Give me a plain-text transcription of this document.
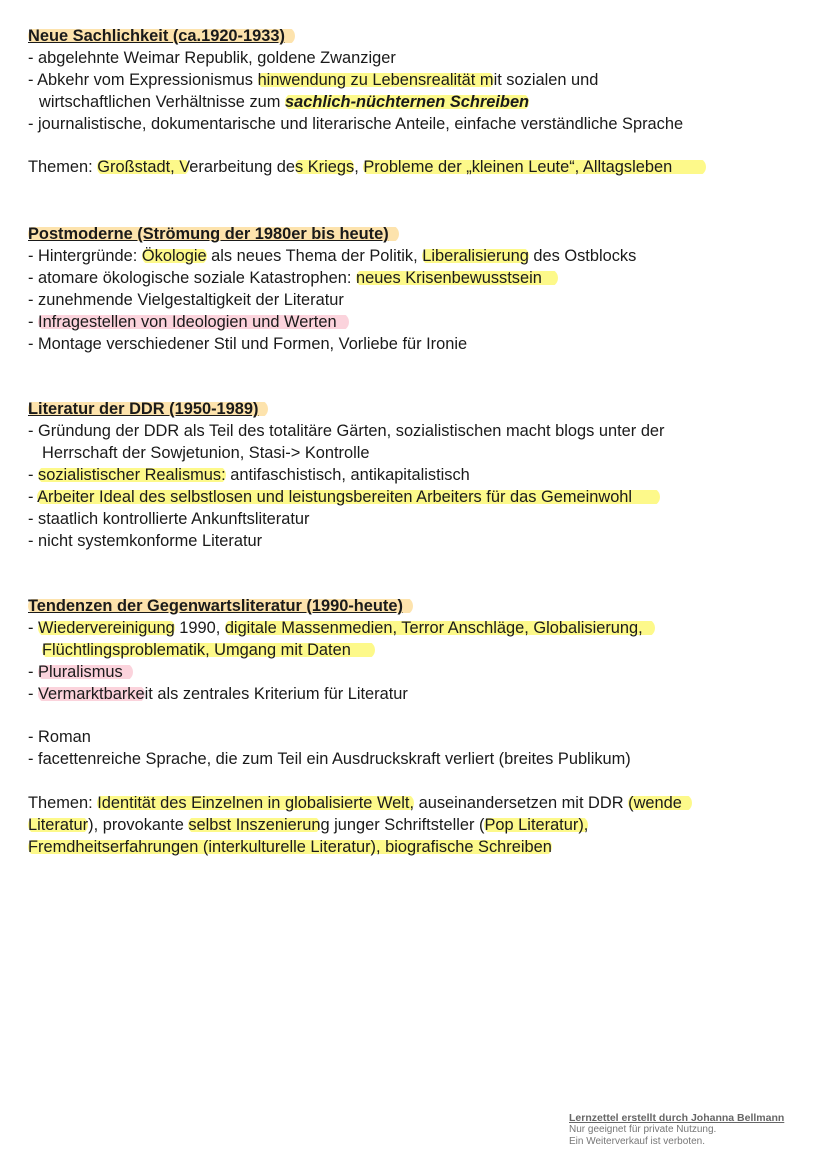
Neue Sachlichkeit (ca.1920-1933)
- abgelehnte Weimar Republik, goldene Zwanziger
- Abkehr vom Expressionismus hinwendung zu Lebensrealität mit sozialen und
wirtschaftlichen Verhältnisse zum sachlich-nüchternen Schreiben
- journalistische, dokumentarische und literarische Anteile, einfache verständliche Sprache
Themen: Großstadt, Verarbeitung des Kriegs, Probleme der „kleinen Leute“, Alltagsleben
Postmoderne (Strömung der 1980er bis heute)
- Hintergründe: Ökologie als neues Thema der Politik, Liberalisierung des Ostblocks
- atomare ökologische soziale Katastrophen: neues Krisenbewusstsein
- zunehmende Vielgestaltigkeit der Literatur
- Infragestellen von Ideologien und Werten
- Montage verschiedener Stil und Formen, Vorliebe für Ironie
Literatur der DDR (1950-1989)
- Gründung der DDR als Teil des totalitäre Gärten, sozialistischen macht blogs unter der
Herrschaft der Sowjetunion, Stasi-> Kontrolle
- sozialistischer Realismus: antifaschistisch, antikapitalistisch
- Arbeiter Ideal des selbstlosen und leistungsbereiten Arbeiters für das Gemeinwohl
- staatlich kontrollierte Ankunftsliteratur
- nicht systemkonforme Literatur
Tendenzen der Gegenwartsliteratur (1990-heute)
- Wiedervereinigung 1990, digitale Massenmedien, Terror Anschläge, Globalisierung,
Flüchtlingsproblematik, Umgang mit Daten
- Pluralismus
- Vermarktbarkeit als zentrales Kriterium für Literatur
- Roman
- facettenreiche Sprache, die zum Teil ein Ausdruckskraft verliert (breites Publikum)
Themen: Identität des Einzelnen in globalisierte Welt, auseinandersetzen mit DDR (wende
Literatur), provokante selbst Inszenierung junger Schriftsteller (Pop Literatur),
Fremdheitserfahrungen (interkulturelle Literatur), biografische Schreiben
Lernzettel erstellt durch Johanna Bellmann
Nur geeignet für private Nutzung.
Ein Weiterverkauf ist verboten.
